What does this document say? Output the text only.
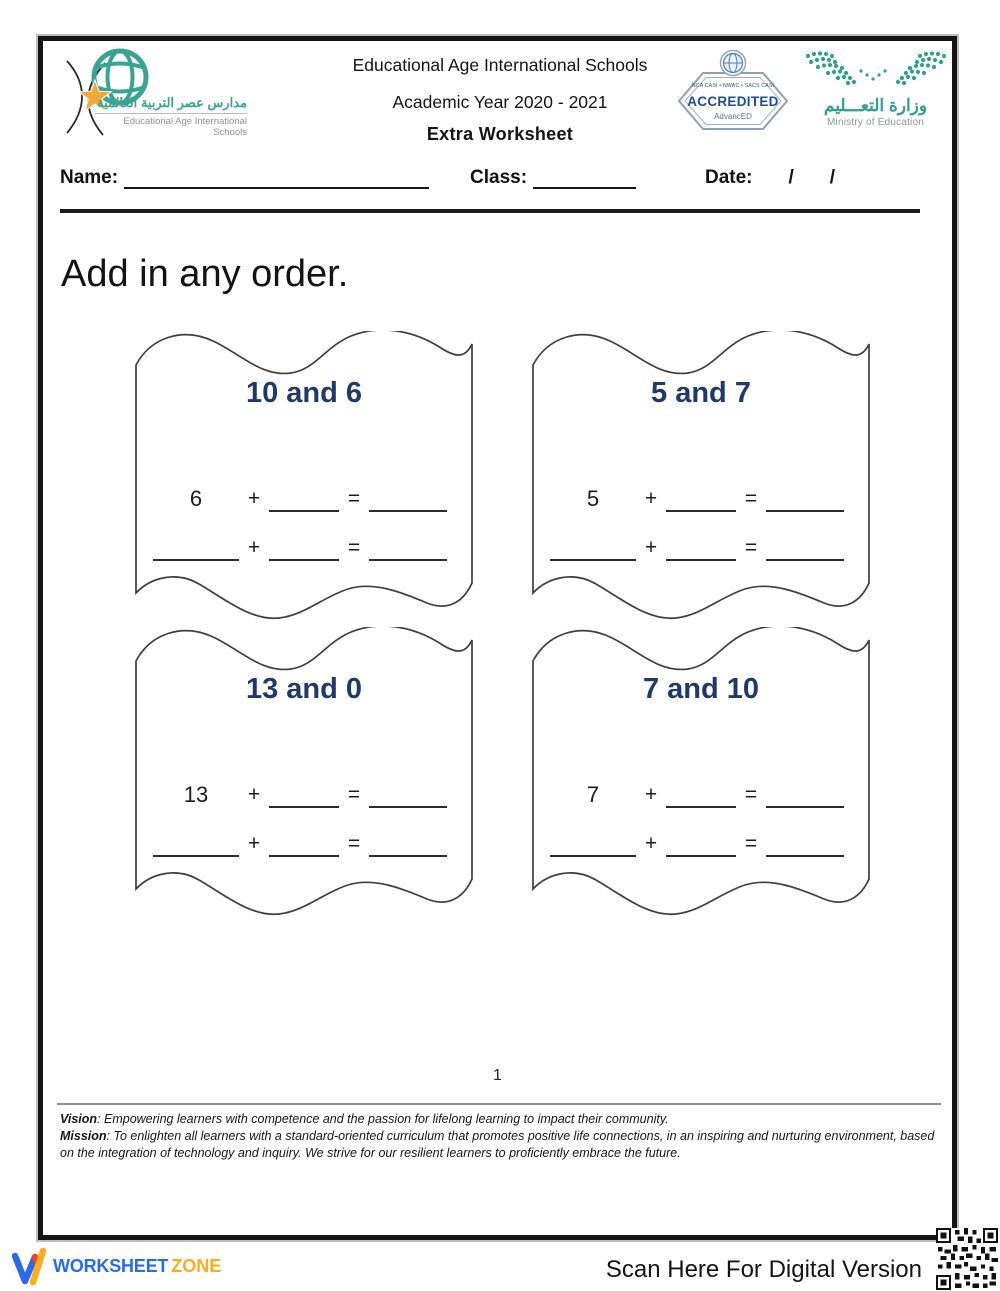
مدارس عصر التربية العالمية
Educational Age International Schools
Educational Age International Schools
Academic Year 2020 - 2021
Extra Worksheet
NCA CASI • NWAC • SACS CASI
ACCREDITED
AdvancED
وزارة التعـــليم
Ministry of Education
Name:	Class:	Date: / /
Add in any order.
10 and 6
6	+	=
+	=
5 and 7
5	+	=
+	=
13 and 0
13	+	=
+	=
7 and 10
7	+	=
+	=
1
Vision: Empowering learners with competence and the passion for lifelong learning to impact their community.
Mission: To enlighten all learners with a standard-oriented curriculum that promotes positive life connections, in an inspiring and nurturing environment, based on the integration of technology and inquiry. We strive for our resilient learners to proficiently embrace the future.
WORKSHEET ZONE	Scan Here For Digital Version
